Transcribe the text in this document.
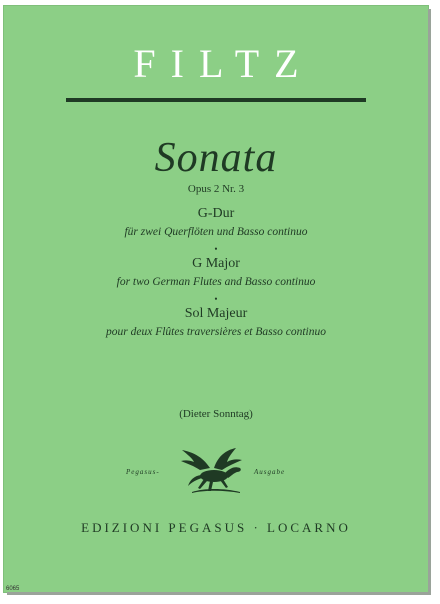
FILTZ
Sonata
Opus 2 Nr. 3
G-Dur
für zwei Querflöten und Basso continuo
•
G Major
for two German Flutes and Basso continuo
•
Sol Majeur
pour deux Flûtes traversières et Basso continuo
(Dieter Sonntag)
Pegasus-	Ausgabe
EDIZIONI PEGASUS · LOCARNO
6065
